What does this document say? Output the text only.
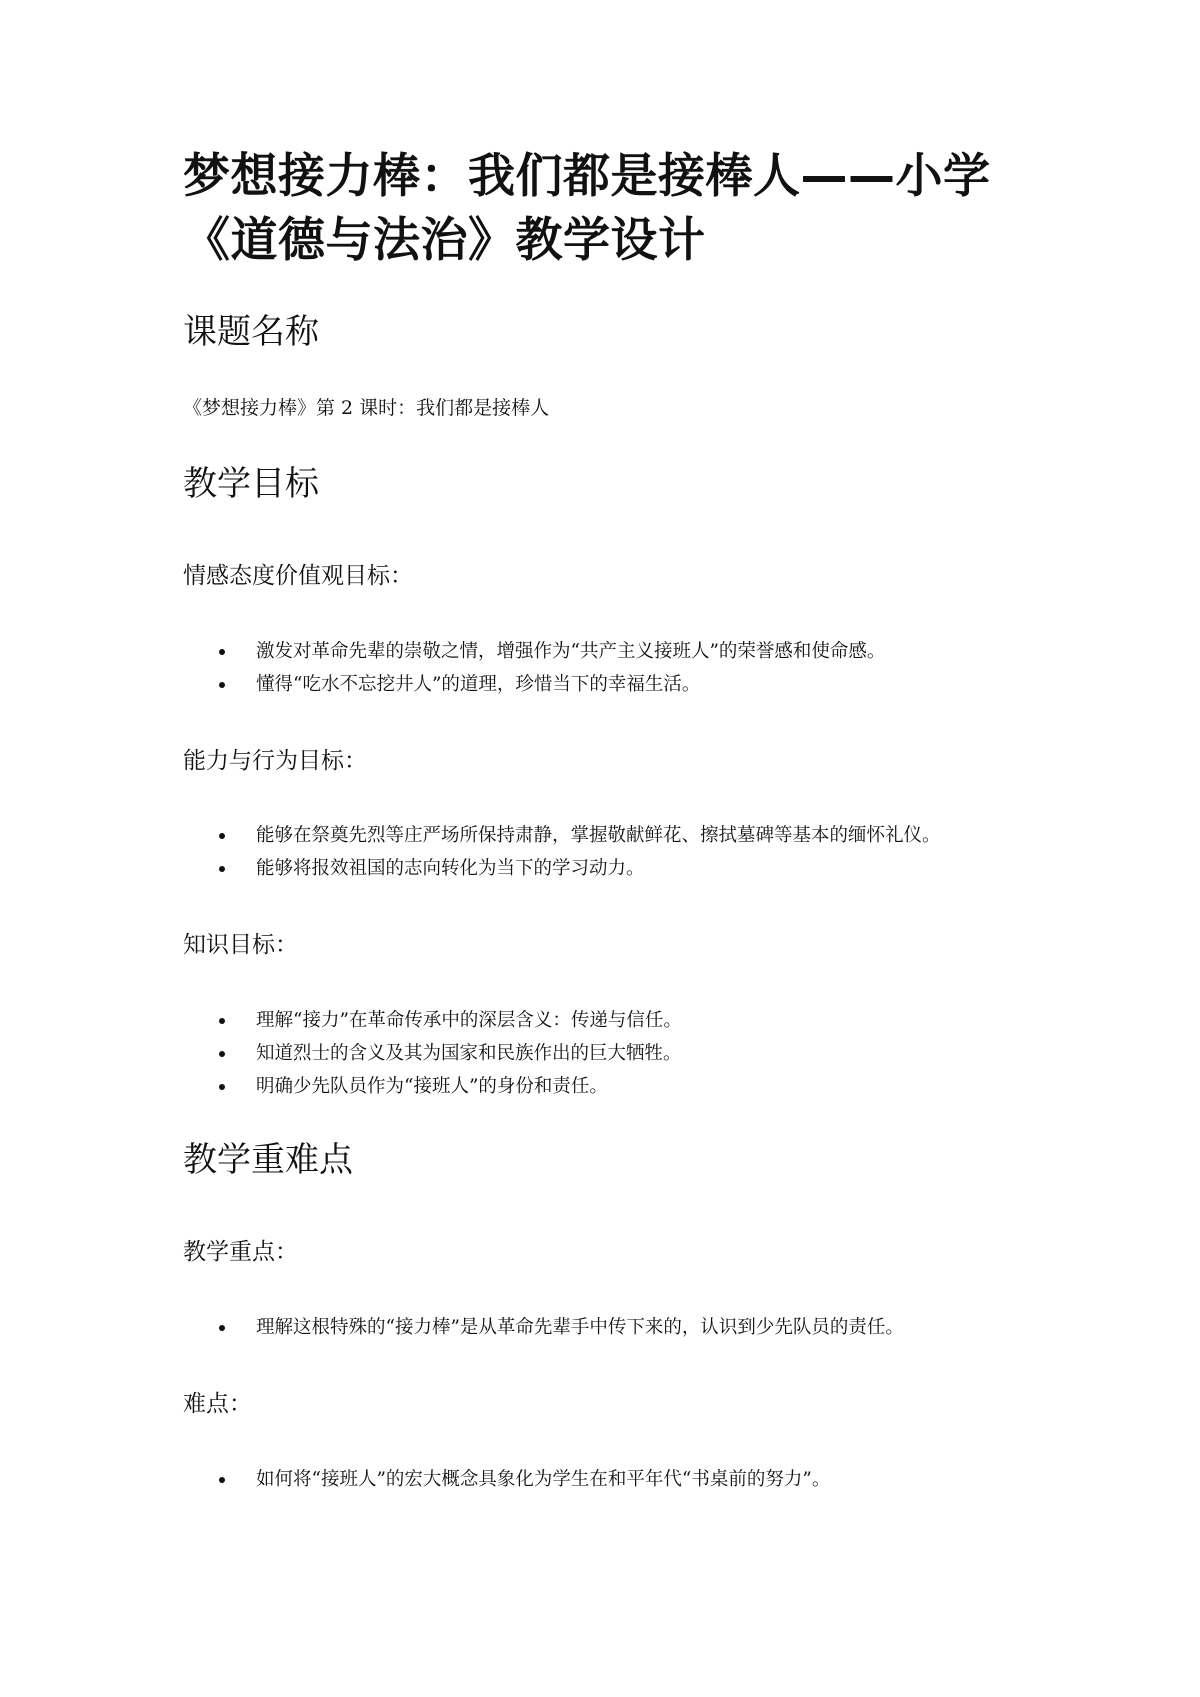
梦想接力棒：我们都是接棒人——小学
《道德与法治》教学设计
课题名称

《梦想接力棒》第 2 课时：我们都是接棒人

教学目标
情感态度价值观目标：
激发对革命先辈的崇敬之情，增强作为“共产主义接班人”的荣誉感和使命感。
懂得“吃水不忘挖井人”的道理，珍惜当下的幸福生活。
能力与行为目标：
能够在祭奠先烈等庄严场所保持肃静，掌握敬献鲜花、擦拭墓碑等基本的缅怀礼仪。
能够将报效祖国的志向转化为当下的学习动力。
知识目标：
理解“接力”在革命传承中的深层含义：传递与信任。
知道烈士的含义及其为国家和民族作出的巨大牺牲。
明确少先队员作为“接班人”的身份和责任。
教学重难点
教学重点：
理解这根特殊的“接力棒”是从革命先辈手中传下来的，认识到少先队员的责任。
难点：
如何将“接班人”的宏大概念具象化为学生在和平年代“书桌前的努力”。
